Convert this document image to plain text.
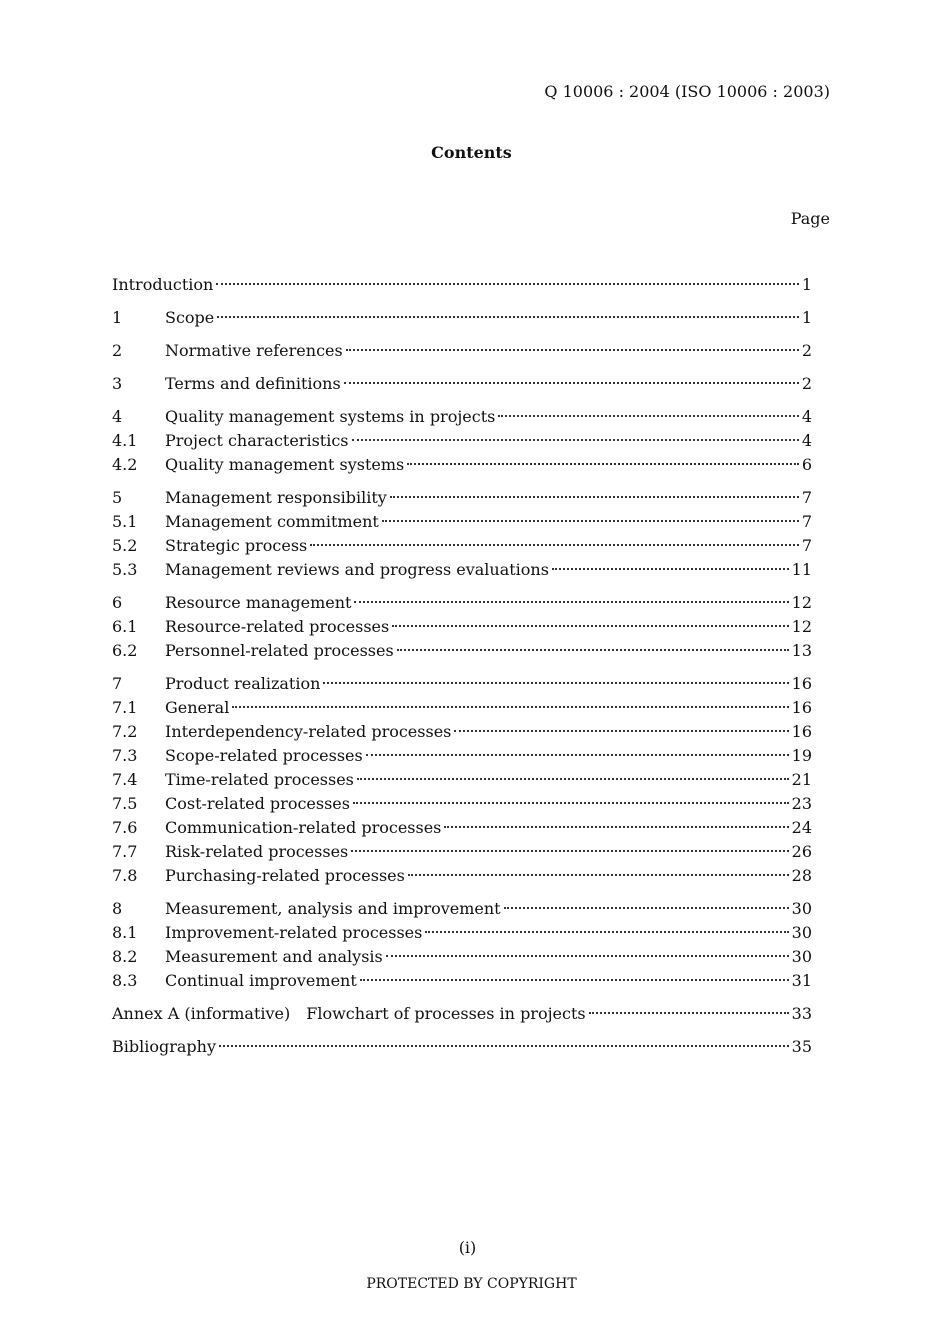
Q 10006 : 2004 (ISO 10006 : 2003)
Contents
Page
Introduction	1
1	Scope	1
2	Normative references	2
3	Terms and definitions	2
4	Quality management systems in projects	4
4.1	Project characteristics	4
4.2	Quality management systems	6
5	Management responsibility	7
5.1	Management commitment	7
5.2	Strategic process	7
5.3	Management reviews and progress evaluations	11
6	Resource management	12
6.1	Resource-related processes	12
6.2	Personnel-related processes	13
7	Product realization	16
7.1	General	16
7.2	Interdependency-related processes	16
7.3	Scope-related processes	19
7.4	Time-related processes	21
7.5	Cost-related processes	23
7.6	Communication-related processes	24
7.7	Risk-related processes	26
7.8	Purchasing-related processes	28
8	Measurement, analysis and improvement	30
8.1	Improvement-related processes	30
8.2	Measurement and analysis	30
8.3	Continual improvement	31
Annex A (informative) Flowchart of processes in projects	33
Bibliography	35
(i)
PROTECTED BY COPYRIGHT
